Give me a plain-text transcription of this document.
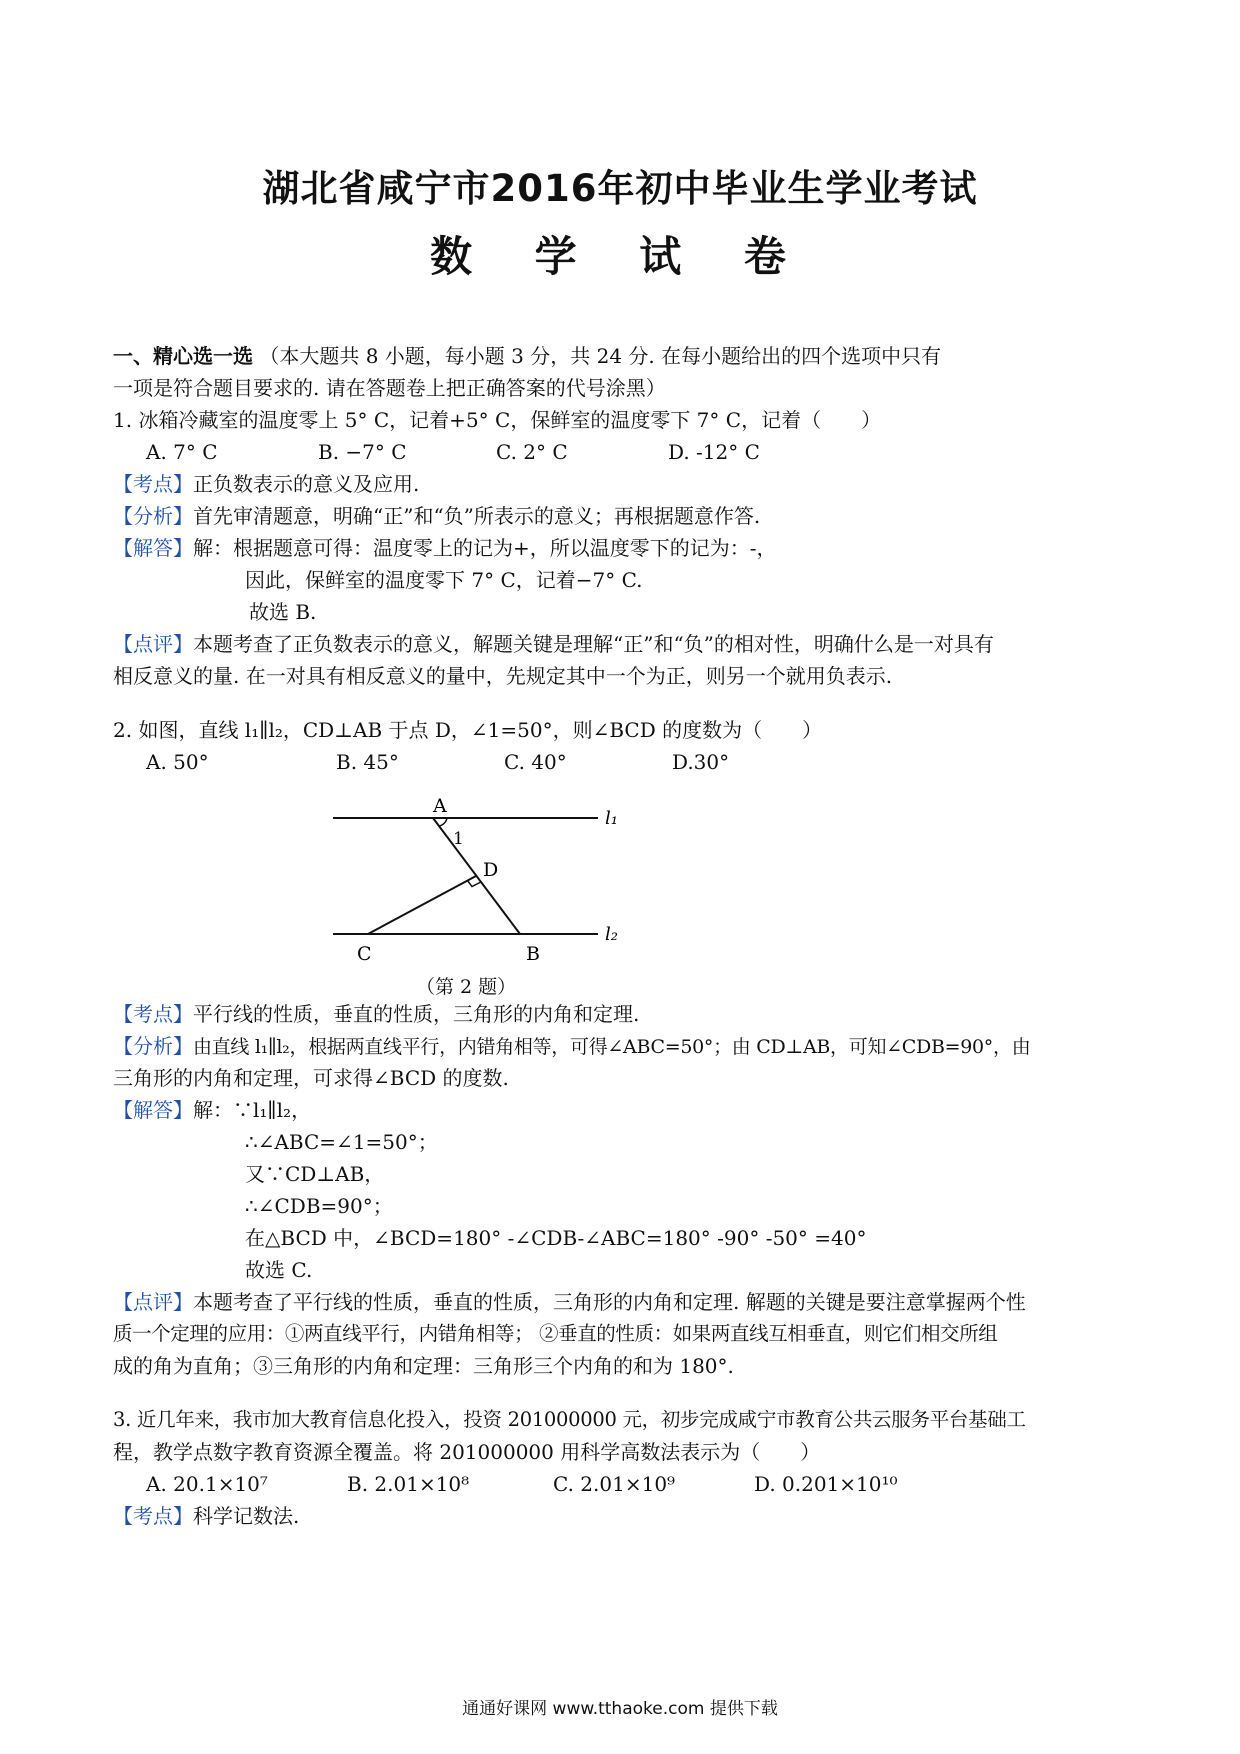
湖北省咸宁市2016年初中毕业生学业考试
数 学 试 卷
一、精心选一选 （本大题共 8 小题，每小题 3 分，共 24 分. 在每小题给出的四个选项中只有
一项是符合题目要求的. 请在答题卷上把正确答案的代号涂黑）
1. 冰箱冷藏室的温度零上 5° C，记着+5° C，保鲜室的温度零下 7° C，记着（　　）
A. 7° C	B. −7° C	C. 2° C	D. -12° C
【考点】正负数表示的意义及应用.
【分析】首先审清题意，明确“正”和“负”所表示的意义；再根据题意作答.
【解答】解：根据题意可得：温度零上的记为+，所以温度零下的记为：-，
因此，保鲜室的温度零下 7° C，记着−7° C.
故选 B.
【点评】本题考查了正负数表示的意义，解题关键是理解“正”和“负”的相对性，明确什么是一对具有
相反意义的量. 在一对具有相反意义的量中，先规定其中一个为正，则另一个就用负表示.
2. 如图，直线 l₁∥l₂，CD⊥AB 于点 D，∠1=50°，则∠BCD 的度数为（　　）
A. 50°	B. 45°	C. 40°	D.30°
A
1
D
C	B
l₁
l₂
（第 2 题）
【考点】平行线的性质，垂直的性质，三角形的内角和定理.
【分析】由直线 l₁∥l₂，根据两直线平行，内错角相等，可得∠ABC=50°；由 CD⊥AB，可知∠CDB=90°，由
三角形的内角和定理，可求得∠BCD 的度数.
【解答】解：∵l₁∥l₂，
∴∠ABC=∠1=50°；
又∵CD⊥AB，
∴∠CDB=90°；
在△BCD 中，∠BCD=180° -∠CDB-∠ABC=180° -90° -50° =40°
故选 C.
【点评】本题考查了平行线的性质，垂直的性质，三角形的内角和定理. 解题的关键是要注意掌握两个性
质一个定理的应用：①两直线平行，内错角相等； ②垂直的性质：如果两直线互相垂直，则它们相交所组
成的角为直角；③三角形的内角和定理：三角形三个内角的和为 180°.
3. 近几年来，我市加大教育信息化投入，投资 201000000 元，初步完成咸宁市教育公共云服务平台基础工
程，教学点数字教育资源全覆盖。将 201000000 用科学高数法表示为（　　）
A. 20.1×10⁷	B. 2.01×10⁸	C. 2.01×10⁹	D. 0.201×10¹⁰
【考点】科学记数法.
通通好课网 www.tthaoke.com 提供下载
